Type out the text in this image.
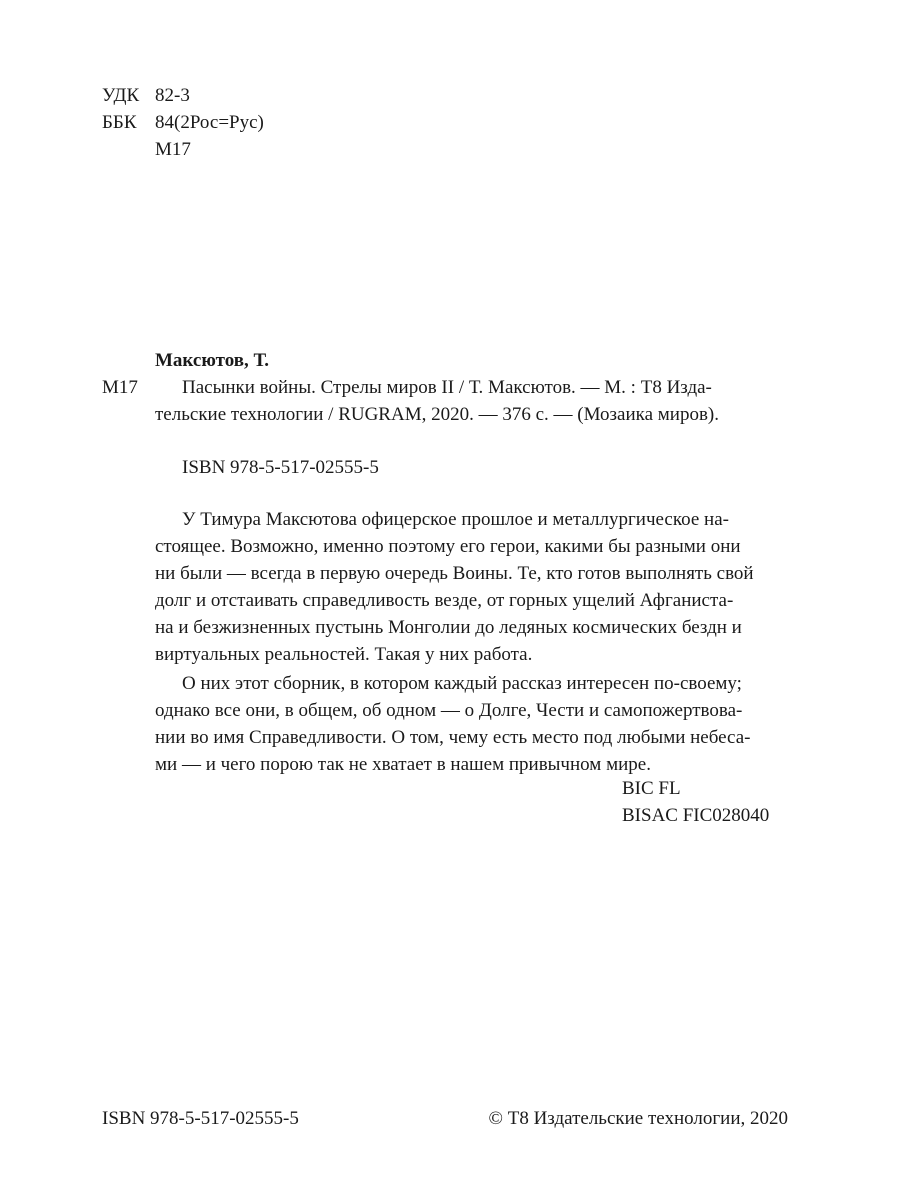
УДК 82-3
ББК 84(2Рос=Рус)
М17
Максютов, Т.
М17 Пасынки войны. Стрелы миров II / Т. Максютов. — М. : Т8 Изда-
тельские технологии / RUGRAM, 2020. — 376 с. — (Мозаика миров).
ISBN 978-5-517-02555-5
У Тимура Максютова офицерское прошлое и металлургическое на-
стоящее. Возможно, именно поэтому его герои, какими бы разными они
ни были — всегда в первую очередь Воины. Те, кто готов выполнять свой
долг и отстаивать справедливость везде, от горных ущелий Афганиста-
на и безжизненных пустынь Монголии до ледяных космических бездн и
виртуальных реальностей. Такая у них работа.
О них этот сборник, в котором каждый рассказ интересен по-своему;
однако все они, в общем, об одном — о Долге, Чести и самопожертвова-
нии во имя Справедливости. О том, чему есть место под любыми небеса-
ми — и чего порою так не хватает в нашем привычном мире.
BIC FL
BISAC FIC028040
ISBN 978-5-517-02555-5	© Т8 Издательские технологии, 2020
